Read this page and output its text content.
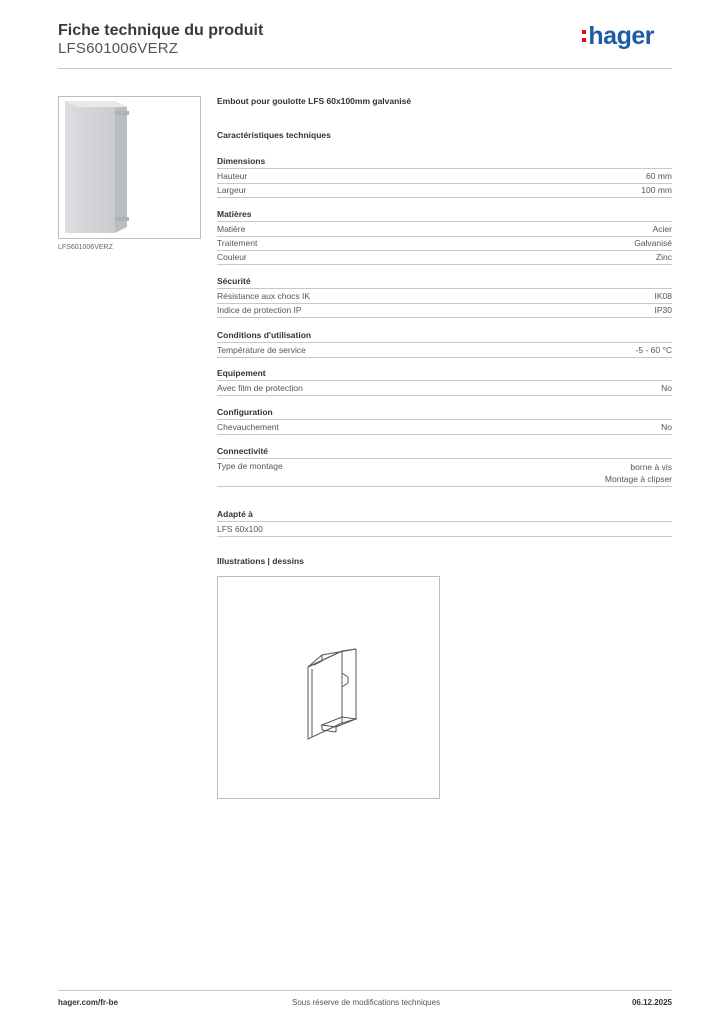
Fiche technique du produit
LFS601006VERZ	hager
LFS601006VERZ
Embout pour goulotte LFS 60x100mm galvanisé
Caractéristiques techniques
Dimensions
Hauteur	60 mm
Largeur	100 mm
Matières
Matière	Acier
Traitement	Galvanisé
Couleur	Zinc
Sécurité
Résistance aux chocs IK	IK08
Indice de protection IP	IP30
Conditions d'utilisation
Température de service	-5 - 60 °C
Equipement
Avec film de protection	No
Configuration
Chevauchement	No
Connectivité
Type de montage	borne à vis
Montage à clipser
Adapté à
LFS 60x100
Illustrations | dessins
hager.com/fr-be	Sous réserve de modifications techniques	06.12.2025
